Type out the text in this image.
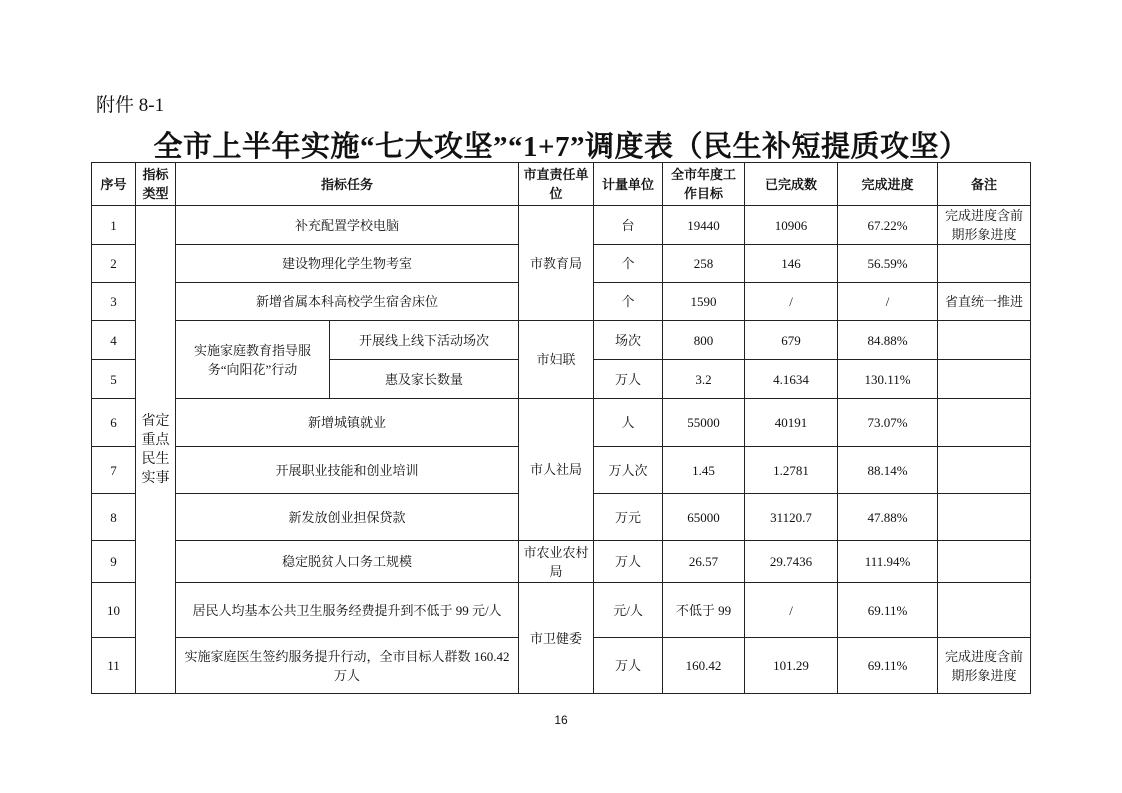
附件 8-1
全市上半年实施“七大攻坚”“1+7”调度表（民生补短提质攻坚）
序号	指标类型	指标任务		市直责任单位	计量单位	全市年度工作目标	已完成数	完成进度	备注
1	省定重点民生实事	补充配置学校电脑		市教育局	台	19440	10906	67.22%	完成进度含前期形象进度
2		建设物理化学生物考室			个	258	146	56.59%	
3		新增省属本科高校学生宿舍床位			个	1590	/	/	省直统一推进
4		实施家庭教育指导服务“向阳花”行动	开展线上线下活动场次	市妇联	场次	800	679	84.88%	
5			惠及家长数量		万人	3.2	4.1634	130.11%	
6		新增城镇就业		市人社局	人	55000	40191	73.07%	
7		开展职业技能和创业培训			万人次	1.45	1.2781	88.14%	
8		新发放创业担保贷款			万元	65000	31120.7	47.88%	
9		稳定脱贫人口务工规模		市农业农村局	万人	26.57	29.7436	111.94%	
10		居民人均基本公共卫生服务经费提升到不低于 99 元/人		市卫健委	元/人	不低于 99	/	69.11%	
11		实施家庭医生签约服务提升行动，全市目标人群数 160.42 万人			万人	160.42	101.29	69.11%	完成进度含前期形象进度
16
